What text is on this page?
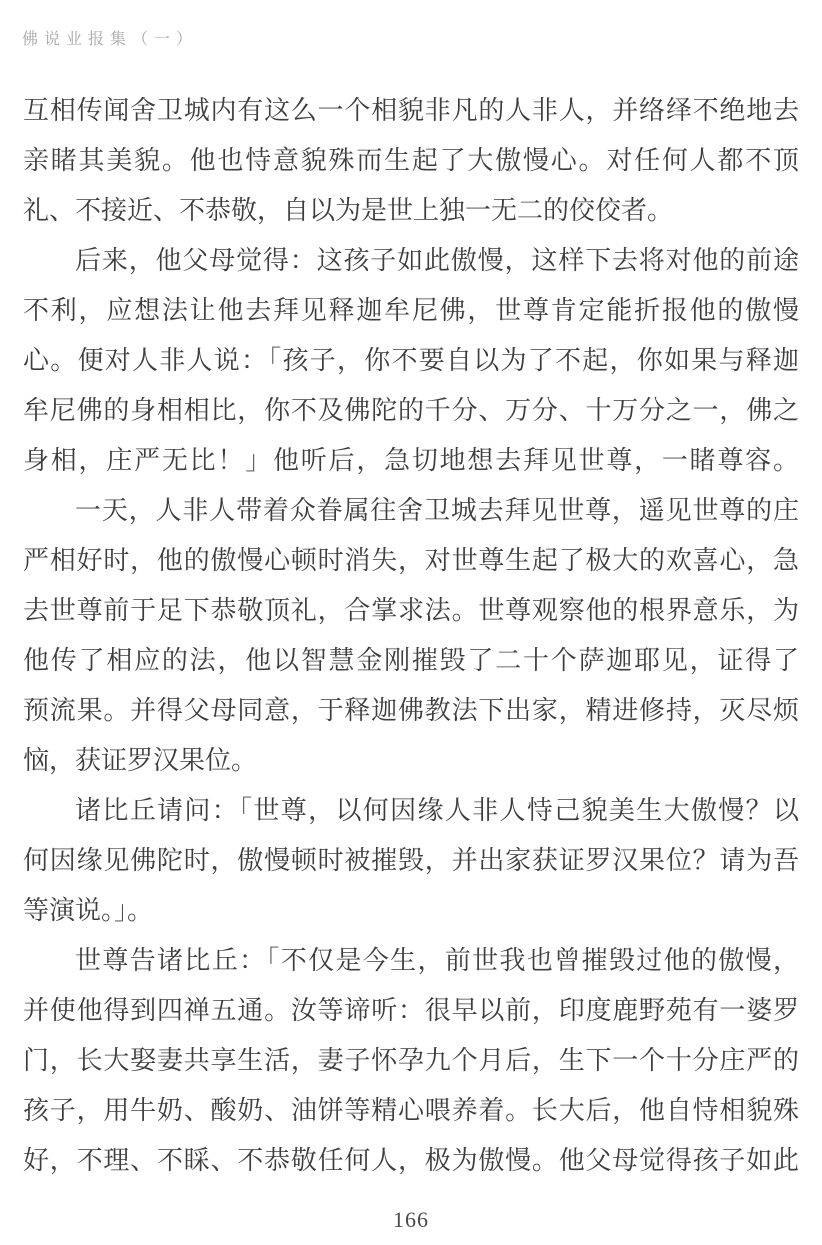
佛说业报集（一）
互相传闻舍卫城内有这么一个相貌非凡的人非人，并络绎不绝地去
亲睹其美貌。他也恃意貌殊而生起了大傲慢心。对任何人都不顶
礼、不接近、不恭敬，自以为是世上独一无二的佼佼者。
后来，他父母觉得：这孩子如此傲慢，这样下去将对他的前途
不利，应想法让他去拜见释迦牟尼佛，世尊肯定能折报他的傲慢
心。便对人非人说：「孩子，你不要自以为了不起，你如果与释迦
牟尼佛的身相相比，你不及佛陀的千分、万分、十万分之一，佛之
身相，庄严无比！」他听后，急切地想去拜见世尊，一睹尊容。
一天，人非人带着众眷属往舍卫城去拜见世尊，遥见世尊的庄
严相好时，他的傲慢心顿时消失，对世尊生起了极大的欢喜心，急
去世尊前于足下恭敬顶礼，合掌求法。世尊观察他的根界意乐，为
他传了相应的法，他以智慧金刚摧毁了二十个萨迦耶见，证得了
预流果。并得父母同意，于释迦佛教法下出家，精进修持，灭尽烦
恼，获证罗汉果位。
诸比丘请问：「世尊，以何因缘人非人恃己貌美生大傲慢？以
何因缘见佛陀时，傲慢顿时被摧毁，并出家获证罗汉果位？请为吾
等演说。」。
世尊告诸比丘：「不仅是今生，前世我也曾摧毁过他的傲慢，
并使他得到四禅五通。汝等谛听：很早以前，印度鹿野苑有一婆罗
门，长大娶妻共享生活，妻子怀孕九个月后，生下一个十分庄严的
孩子，用牛奶、酸奶、油饼等精心喂养着。长大后，他自恃相貌殊
好，不理、不睬、不恭敬任何人，极为傲慢。他父母觉得孩子如此
166
